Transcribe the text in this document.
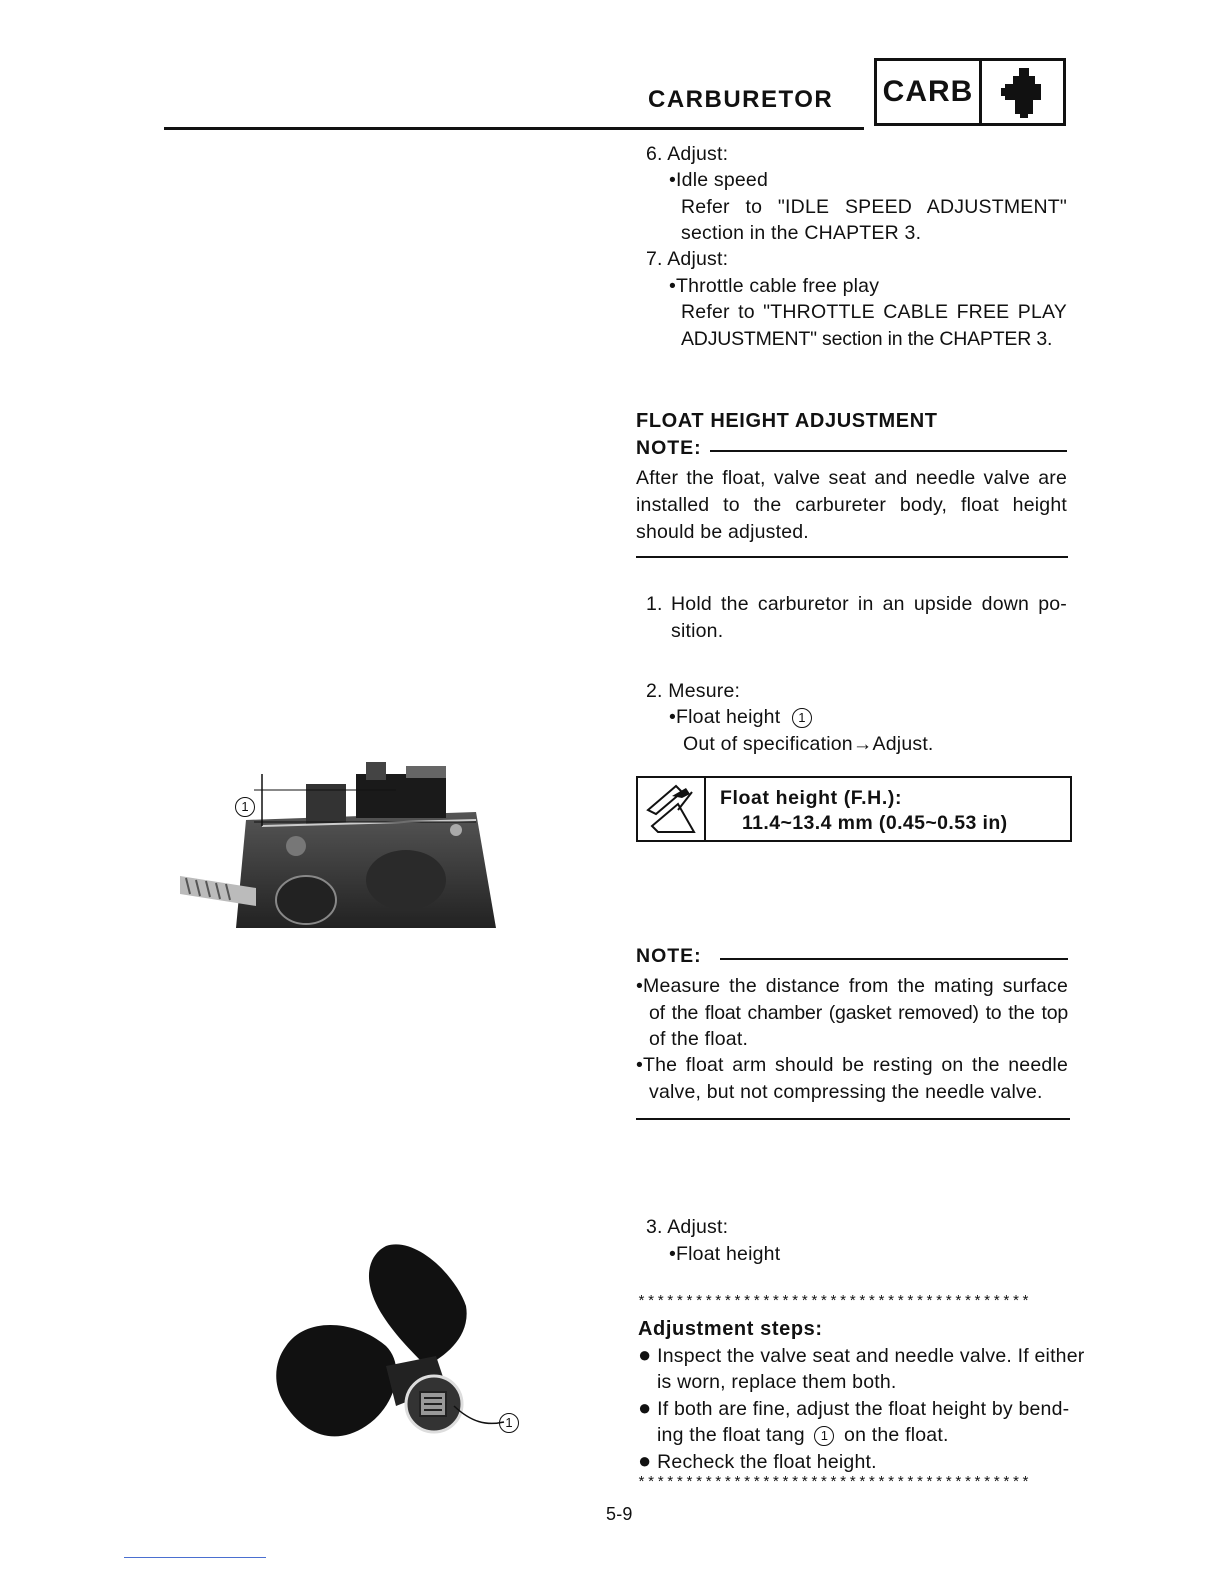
CARBURETOR CARB
6. Adjust:
•Idle speed
Refer to "IDLE SPEED ADJUSTMENT"
section in the CHAPTER 3.
7. Adjust:
•Throttle cable free play
Refer to "THROTTLE CABLE FREE PLAY
ADJUSTMENT" section in the CHAPTER 3.
FLOAT HEIGHT ADJUSTMENT
NOTE:
After the float, valve seat and needle valve are
installed to the carbureter body, float height
should be adjusted.
1. Hold the carburetor in an upside down po-
sition.
2. Mesure:
•Float height 1
Out of specification→Adjust.
Float height (F.H.):
11.4~13.4 mm (0.45~0.53 in)
NOTE:
•Measure the distance from the mating surface
of the float chamber (gasket removed) to the top
of the float.
•The float arm should be resting on the needle
valve, but not compressing the needle valve.
3. Adjust:
•Float height
*****************************************
Adjustment steps:
● Inspect the valve seat and needle valve. If either
is worn, replace them both.
● If both are fine, adjust the float height by bend-
ing the float tang 1 on the float.
● Recheck the float height.
*****************************************
1
1
5-9
